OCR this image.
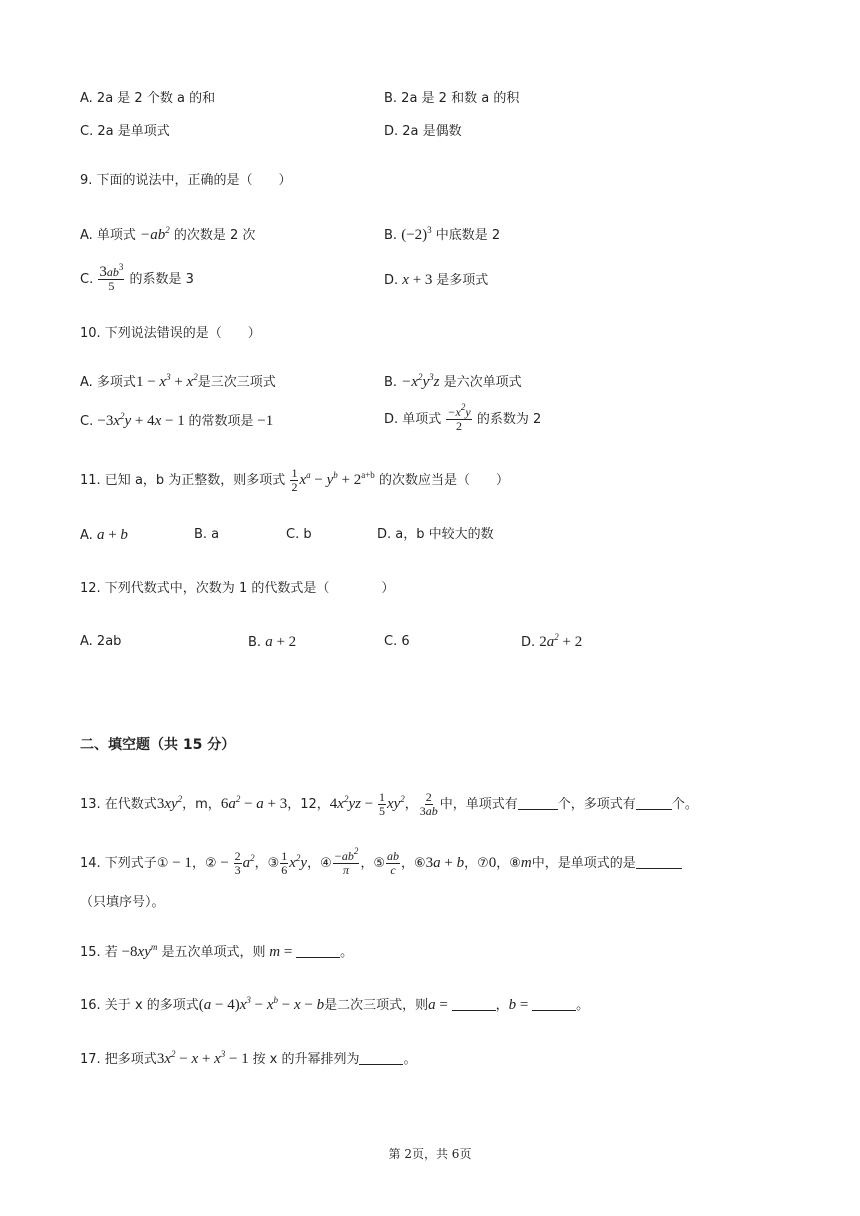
A. 2a 是 2 个数 a 的和	B. 2a 是 2 和数 a 的积
C. 2a 是单项式	D. 2a 是偶数
9. 下面的说法中，正确的是（　　）
A. 单项式 $-ab^2$ 的次数是 2 次	B. $(-2)^3$ 中底数是 2
C. $\frac{3ab^3}{5}$ 的系数是 3	D. x + 3 是多项式
10. 下列说法错误的是（　　）
A. 多项式$1 - x^3 + x^2$是三次三项式	B. $-x^2y^3z$ 是六次单项式
C. $-3x^2y + 4x - 1$ 的常数项是 −1	D. 单项式 $\frac{-x^2y}{2}$ 的系数为 2
11. 已知 a，b 为正整数，则多项式 $\frac{1}{2} x^a - y^b + 2^{a+b}$ 的次数应当是（　　）
A. a + b	B. a	C. b	D. a，b 中较大的数
12. 下列代数式中，次数为 1 的代数式是（　　　　）
A. 2ab	B. a + 2	C. 6	D. $2a^2 + 2$
二、填空题（共 15 分）
13. 在代数式$3xy^2$，m，$6a^2 - a + 3$，12，$4x^2yz - \frac{1}{5} xy^2$， $\frac{2}{3ab}$ 中，单项式有	个，多项式有	个。
14. 下列式子① − 1，② − $\frac{2}{3} a^2$，③ $\frac{1}{6} x^2y$，④ $\frac{-ab^2}{\pi}$ ，⑤ $\frac{ab}{c}$ ，⑥3a + b，⑦0，⑧m中，是单项式的是
（只填序号）。
15. 若 $-8xy^m$ 是五次单项式，则 m =	。
16. 关于 x 的多项式$(a - 4)x^3 - x^b - x - b$是二次三项式，则a =	，b =	。
17. 把多项式$3x^2 - x + x^3 - 1$ 按 x 的升幂排列为	。
第 2页，共 6页
